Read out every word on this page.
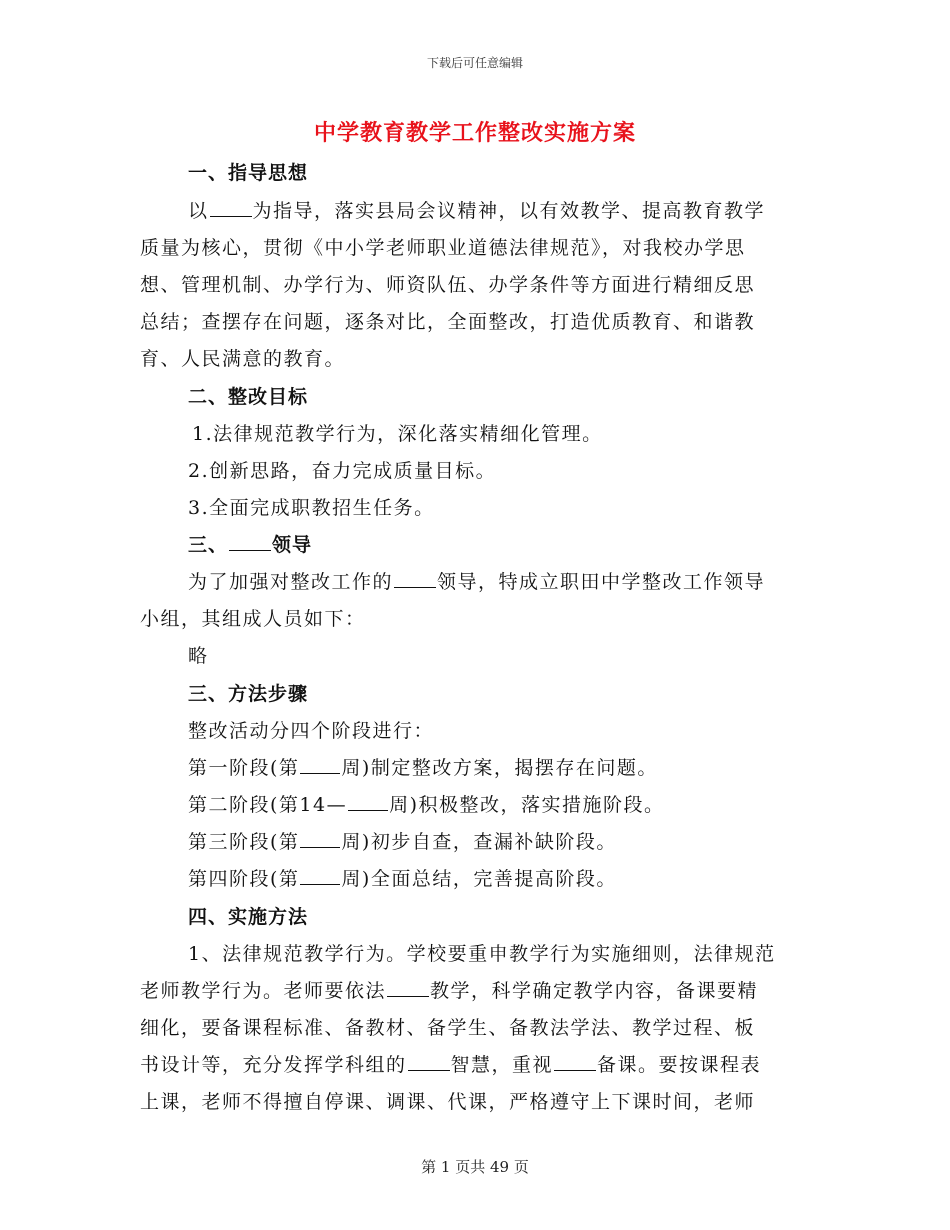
下载后可任意编辑
中学教育教学工作整改实施方案
一、指导思想
以 为指导，落实县局会议精神，以有效教学、提高教育教学
质量为核心，贯彻《中小学老师职业道德法律规范》，对我校办学思
想、管理机制、办学行为、师资队伍、办学条件等方面进行精细反思
总结；查摆存在问题，逐条对比，全面整改，打造优质教育、和谐教
育、人民满意的教育。
二、整改目标
1.法律规范教学行为，深化落实精细化管理。
2.创新思路，奋力完成质量目标。
3.全面完成职教招生任务。
三、 领导
为了加强对整改工作的 领导，特成立职田中学整改工作领导
小组，其组成人员如下：
略
三、方法步骤
整改活动分四个阶段进行：
第一阶段(第 周)制定整改方案，揭摆存在问题。
第二阶段(第14— 周)积极整改，落实措施阶段。
第三阶段(第 周)初步自查，查漏补缺阶段。
第四阶段(第 周)全面总结，完善提高阶段。
四、实施方法
1、法律规范教学行为。学校要重申教学行为实施细则，法律规范
老师教学行为。老师要依法 教学，科学确定教学内容，备课要精
细化，要备课程标准、备教材、备学生、备教法学法、教学过程、板
书设计等，充分发挥学科组的 智慧，重视 备课。要按课程表
上课，老师不得擅自停课、调课、代课，严格遵守上下课时间，老师
第 1 页共 49 页
